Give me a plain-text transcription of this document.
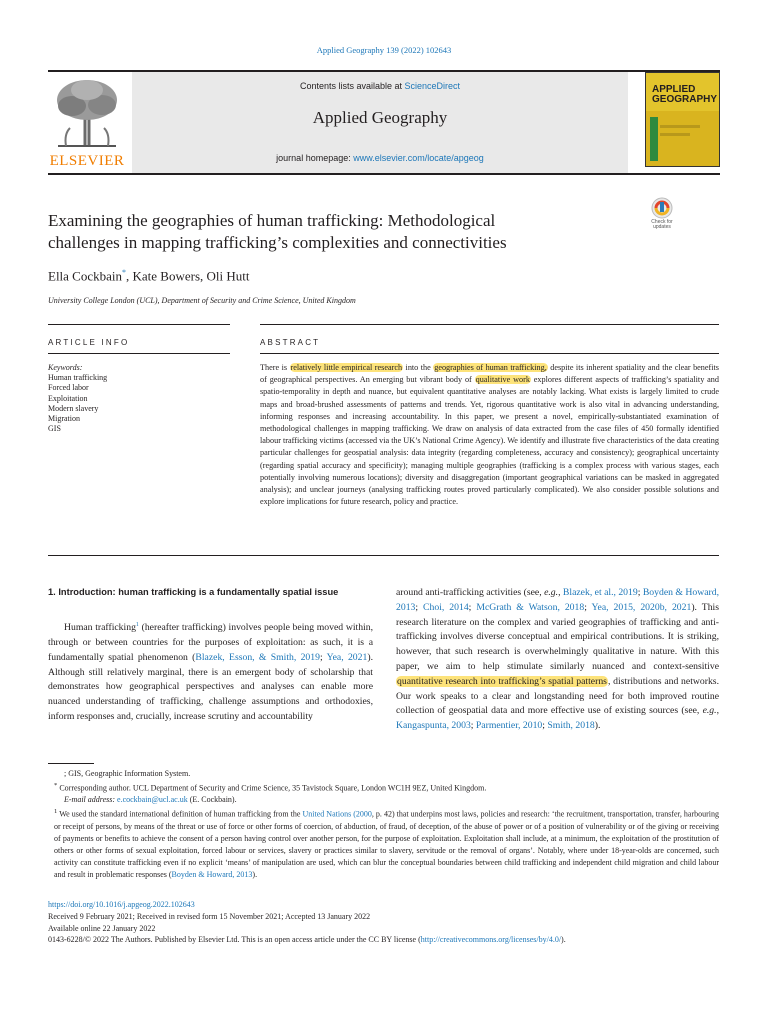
Applied Geography 139 (2022) 102643
ELSEVIER
Contents lists available at ScienceDirect
Applied Geography
journal homepage: www.elsevier.com/locate/apgeog
APPLIED
GEOGRAPHY
Check for updates
Examining the geographies of human trafficking: Methodological
challenges in mapping trafficking’s complexities and connectivities
Ella Cockbain*, Kate Bowers, Oli Hutt
University College London (UCL), Department of Security and Crime Science, United Kingdom
ARTICLE INFO	ABSTRACT
Keywords:
Human trafficking
Forced labor
Exploitation
Modern slavery
Migration
GIS
There is relatively little empirical research into the geographies of human trafficking, despite its inherent spatiality and the clear benefits of geographical perspectives. An emerging but vibrant body of qualitative work explores different aspects of trafficking’s spatiality and spatio-temporality in depth and nuance, but equivalent quantitative analyses are notably lacking. What exists is largely limited to crude maps and broad-brushed assessments of patterns and trends. Yet, rigorous quantitative work is also vital in advancing understanding, informing responses and increasing accountability. In this paper, we present a novel, empirically-substantiated examination of methodological challenges in mapping trafficking. We draw on analysis of data extracted from the case files of 450 formally identified labour trafficking victims (accessed via the UK’s National Crime Agency). We identify and illustrate five characteristics of the data creating particular challenges for geospatial analysis: data integrity (regarding completeness, accuracy and consistency); geographical uncertainty (regarding spatial accuracy and specificity); managing multiple geographies (trafficking is a complex process with various stages, each potentially involving numerous locations); diversity and disaggregation (important geographical variations can be masked in aggregated analysis); and unclear journeys (analysing trafficking routes proved particularly complicated). We also consider possible solutions and explore implications for future research, policy and practice.
1. Introduction: human trafficking is a fundamentally spatial issue

Human trafficking$^1$ (hereafter trafficking) involves people being moved within, through or between countries for the purposes of exploitation: as such, it is a fundamentally spatial phenomenon (Blazek, Esson, & Smith, 2019; Yea, 2021). Although still relatively marginal, there is an emergent body of scholarship that demonstrates how geographical perspectives and analyses can enable more nuanced understanding of trafficking, challenge assumptions and orthodoxies, inform responses and, crucially, increase scrutiny and accountability

around anti-trafficking activities (see, e.g., Blazek, et al., 2019; Boyden & Howard, 2013; Choi, 2014; McGrath & Watson, 2018; Yea, 2015, 2020b, 2021). This research literature on the complex and varied geographies of trafficking and anti-trafficking involves diverse conceptual and empirical contributions. It is striking, however, that such research is overwhelmingly qualitative in nature. With this paper, we aim to help stimulate similarly nuanced and context-sensitive quantitative research into trafficking’s spatial patterns, distributions and networks. Our work speaks to a clear and longstanding need for both improved routine collection of geospatial data and more effective use of existing sources (see, e.g., Kangaspunta, 2003; Parmentier, 2010; Smith, 2018).

; GIS, Geographic Information System.

* Corresponding author. UCL Department of Security and Crime Science, 35 Tavistock Square, London WC1H 9EZ, United Kingdom.

E-mail address: e.cockbain@ucl.ac.uk (E. Cockbain).

$^1$ We used the standard international definition of human trafficking from the United Nations (2000, p. 42) that underpins most laws, policies and research: ‘the recruitment, transportation, transfer, harbouring or receipt of persons, by means of the threat or use of force or other forms of coercion, of abduction, of fraud, of deception, of the abuse of power or of a position of vulnerability or of the giving or receiving of payments or benefits to achieve the consent of a person having control over another person, for the purpose of exploitation. Exploitation shall include, at a minimum, the exploitation of the prostitution of others or other forms of sexual exploitation, forced labour or services, slavery or practices similar to slavery, servitude or the removal of organs’. Notably, where under 18-year-olds are concerned, such activity can constitute trafficking even if no explicit ‘means’ of manipulation are used, which can blur the conceptual boundaries between child trafficking and independent child migration and child labour and result in problematic responses (Boyden & Howard, 2013).

https://doi.org/10.1016/j.apgeog.2022.102643

Received 9 February 2021; Received in revised form 15 November 2021; Accepted 13 January 2022

Available online 22 January 2022

0143-6228/© 2022 The Authors. Published by Elsevier Ltd. This is an open access article under the CC BY license (http://creativecommons.org/licenses/by/4.0/).
